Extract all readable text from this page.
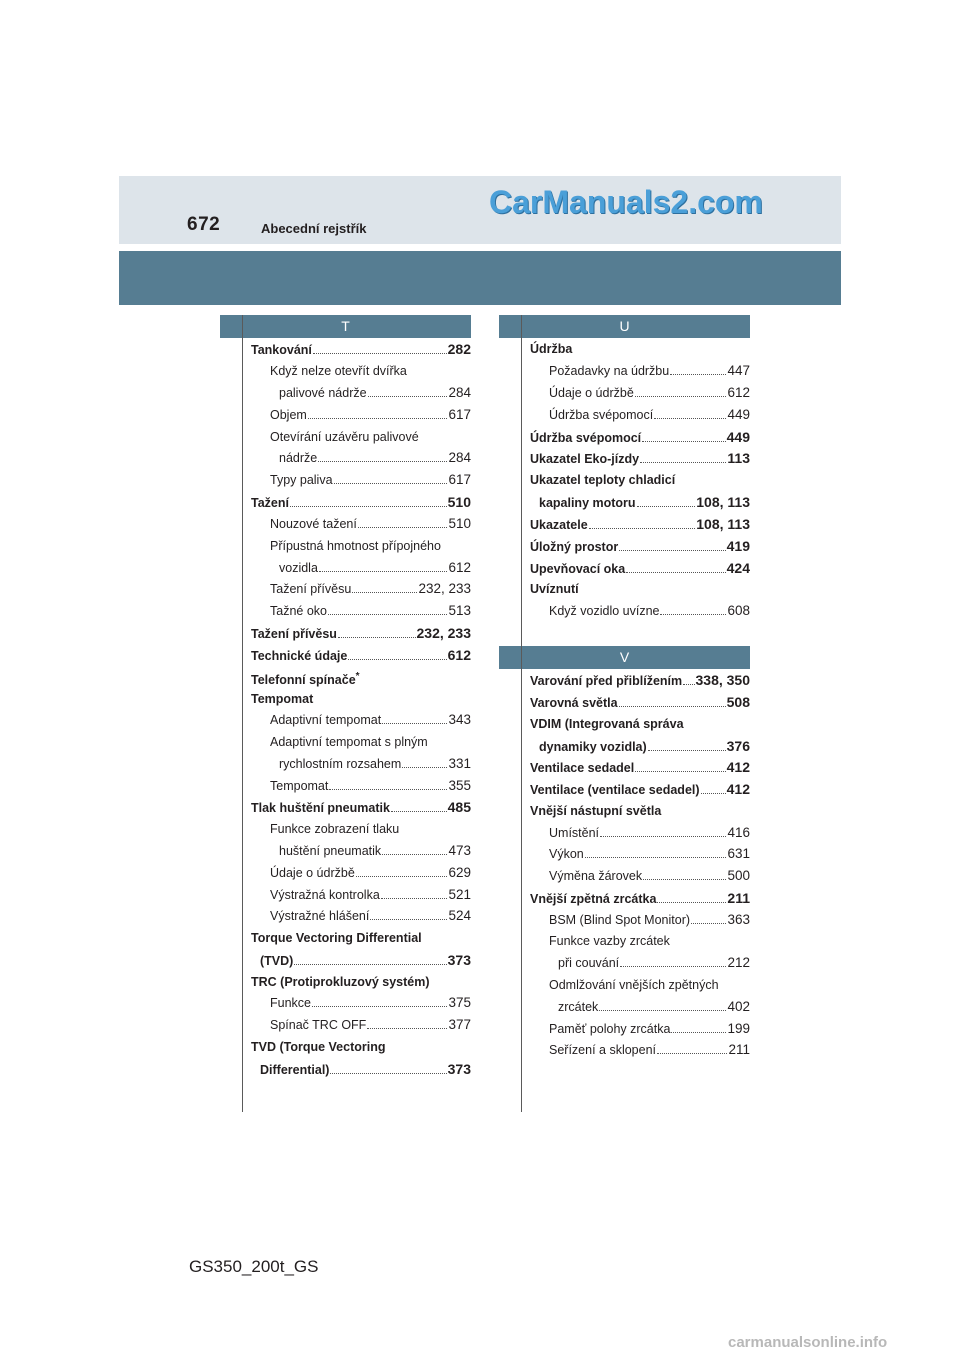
672	Abecední rejstřík
CarManuals2.com
T	U
V
Tankování	282
Když nelze otevřít dvířka
palivové nádrže	284
Objem	617
Otevírání uzávěru palivové
nádrže	284
Typy paliva	617
Tažení	510
Nouzové tažení	510
Přípustná hmotnost přípojného
vozidla	612
Tažení přívěsu	232, 233
Tažné oko	513
Tažení přívěsu	232, 233
Technické údaje	612
Telefonní spínače*
Tempomat
Adaptivní tempomat	343
Adaptivní tempomat s plným
rychlostním rozsahem	331
Tempomat	355
Tlak huštění pneumatik	485
Funkce zobrazení tlaku
huštění pneumatik	473
Údaje o údržbě	629
Výstražná kontrolka	521
Výstražné hlášení	524
Torque Vectoring Differential
(TVD)	373
TRC (Protiprokluzový systém)
Funkce	375
Spínač TRC OFF	377
TVD (Torque Vectoring
Differential)	373
Údržba
Požadavky na údržbu	447
Údaje o údržbě	612
Údržba svépomocí	449
Údržba svépomocí	449
Ukazatel Eko-jízdy	113
Ukazatel teploty chladicí
kapaliny motoru	108, 113
Ukazatele	108, 113
Úložný prostor	419
Upevňovací oka	424
Uvíznutí
Když vozidlo uvízne	608
Varování před přiblížením 338, 350
Varovná světla	508
VDIM (Integrovaná správa
dynamiky vozidla)	376
Ventilace sedadel	412
Ventilace (ventilace sedadel) 412
Vnější nástupní světla
Umístění	416
Výkon	631
Výměna žárovek	500
Vnější zpětná zrcátka	211
BSM (Blind Spot Monitor)	363
Funkce vazby zrcátek
při couvání	212
Odmlžování vnějších zpětných
zrcátek	402
Paměť polohy zrcátka	199
Seřízení a sklopení	211
GS350_200t_GS
carmanualsonline.info
